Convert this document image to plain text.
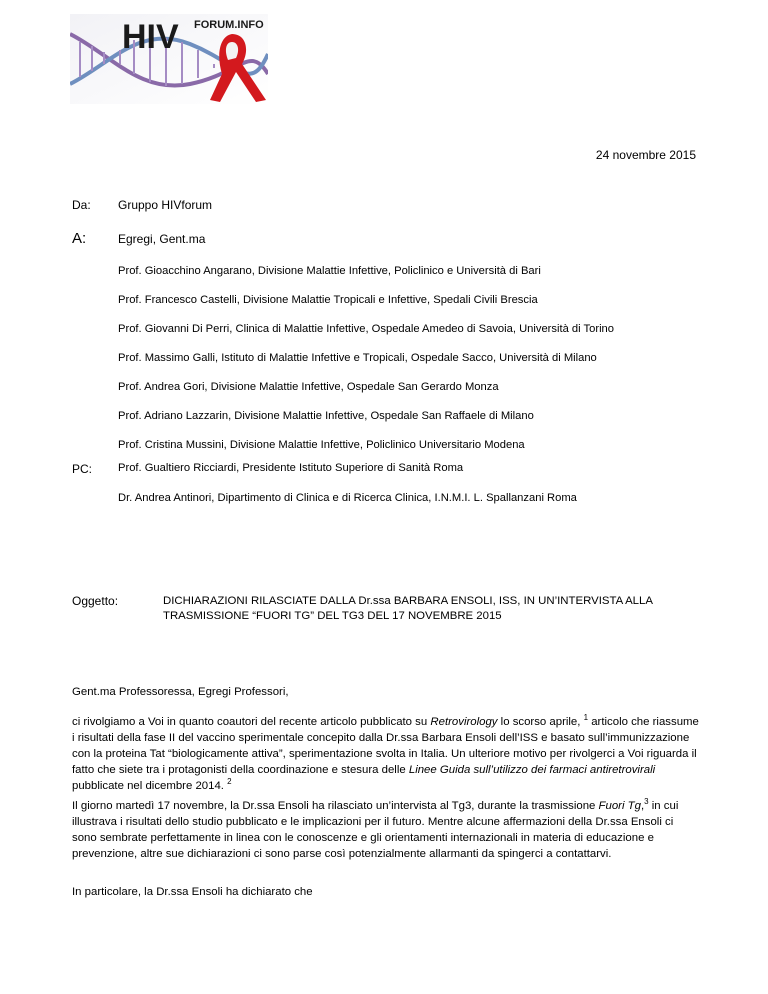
HIV FORUM.INFO
24 novembre 2015
Da: Gruppo HIVforum
A:	Egregi, Gent.ma
Prof. Gioacchino Angarano, Divisione Malattie Infettive, Policlinico e Università di Bari
Prof. Francesco Castelli, Divisione Malattie Tropicali e Infettive, Spedali Civili Brescia
Prof. Giovanni Di Perri, Clinica di Malattie Infettive, Ospedale Amedeo di Savoia, Università di Torino
Prof. Massimo Galli, Istituto di Malattie Infettive e Tropicali, Ospedale Sacco, Università di Milano
Prof. Andrea Gori, Divisione Malattie Infettive, Ospedale San Gerardo Monza
Prof. Adriano Lazzarin, Divisione Malattie Infettive, Ospedale San Raffaele di Milano
Prof. Cristina Mussini, Divisione Malattie Infettive, Policlinico Universitario Modena
PC: Prof. Gualtiero Ricciardi, Presidente Istituto Superiore di Sanità Roma
Dr. Andrea Antinori, Dipartimento di Clinica e di Ricerca Clinica, I.N.M.I. L. Spallanzani Roma
Oggetto:	DICHIARAZIONI RILASCIATE DALLA Dr.ssa BARBARA ENSOLI, ISS, IN UN’INTERVISTA ALLA
TRASMISSIONE “FUORI TG” DEL TG3 DEL 17 NOVEMBRE 2015
Gent.ma Professoressa, Egregi Professori,
ci rivolgiamo a Voi in quanto coautori del recente articolo pubblicato su Retrovirology lo scorso aprile, $^1$ articolo che riassume i risultati della fase II del vaccino sperimentale concepito dalla Dr.ssa Barbara Ensoli dell’ISS e basato sull’immunizzazione con la proteina Tat “biologicamente attiva”, sperimentazione svolta in Italia. Un ulteriore motivo per rivolgerci a Voi riguarda il fatto che siete tra i protagonisti della coordinazione e stesura delle Linee Guida sull’utilizzo dei farmaci antiretrovirali pubblicate nel dicembre 2014. $^2$
Il giorno martedì 17 novembre, la Dr.ssa Ensoli ha rilasciato un’intervista al Tg3, durante la trasmissione Fuori Tg,$^3$ in cui illustrava i risultati dello studio pubblicato e le implicazioni per il futuro. Mentre alcune affermazioni della Dr.ssa Ensoli ci sono sembrate perfettamente in linea con le conoscenze e gli orientamenti internazionali in materia di educazione e prevenzione, altre sue dichiarazioni ci sono parse così potenzialmente allarmanti da spingerci a contattarvi.
In particolare, la Dr.ssa Ensoli ha dichiarato che
